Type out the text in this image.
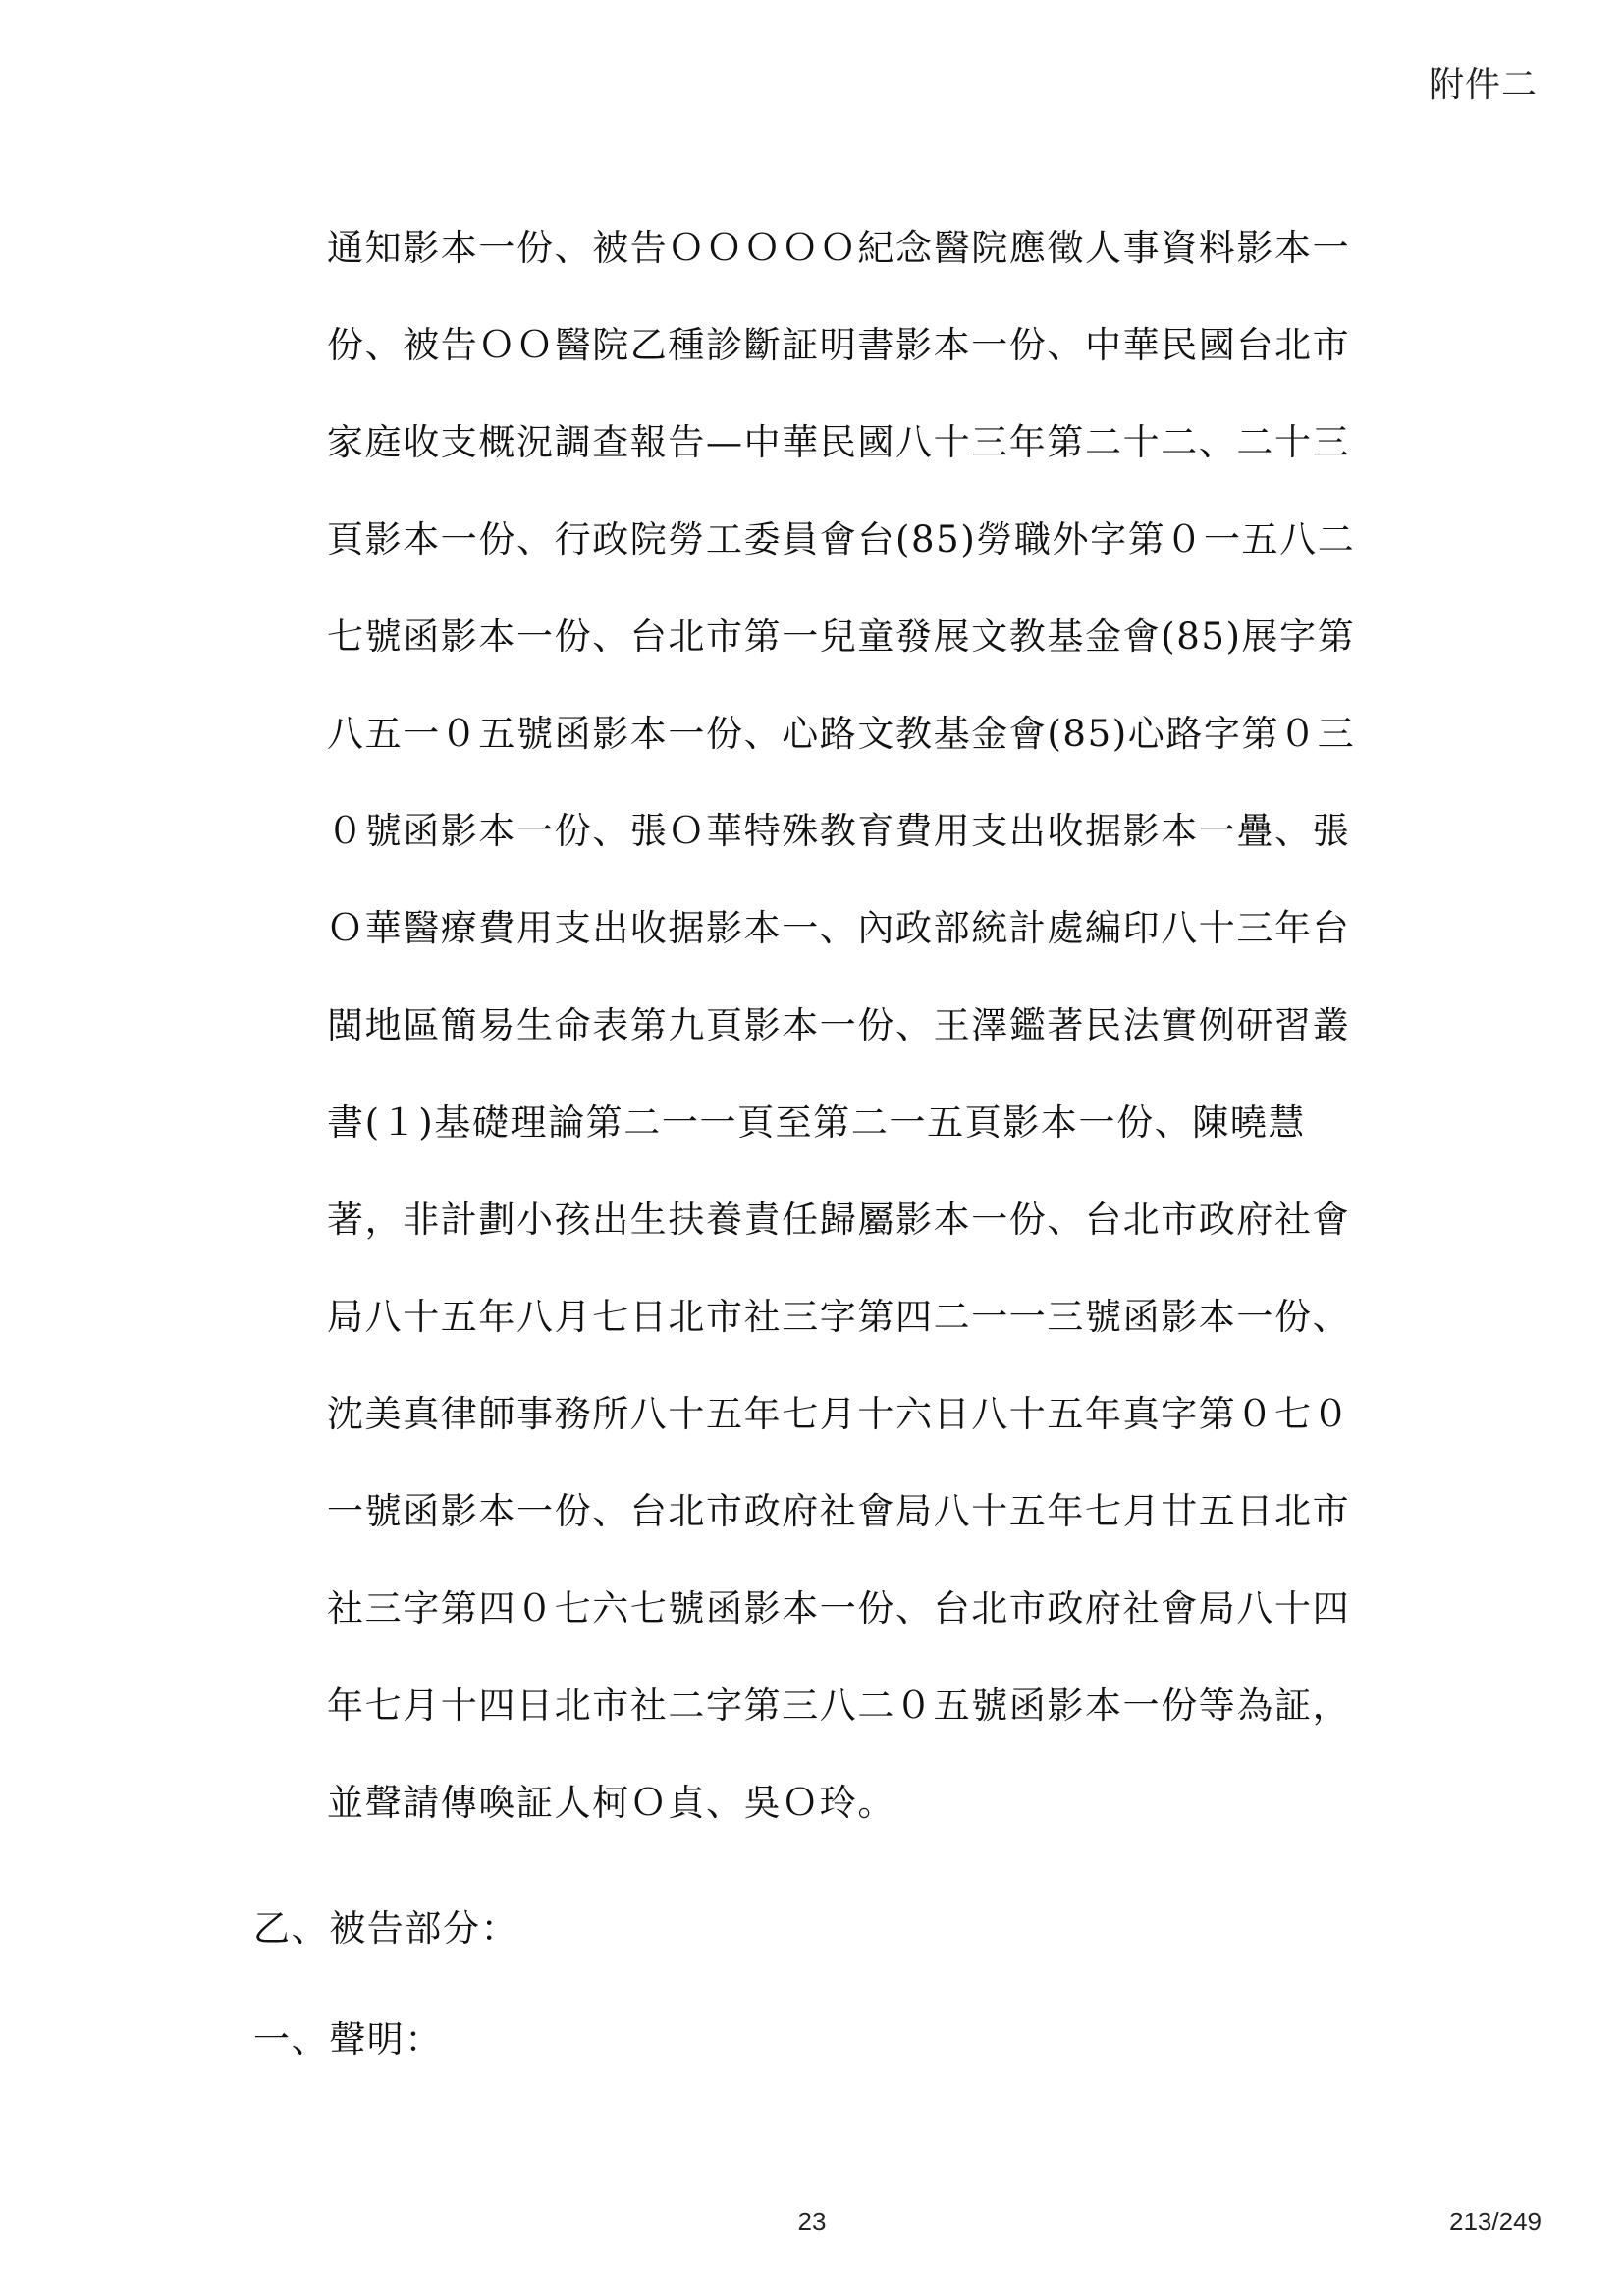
附件二
通知影本一份、被告ＯＯＯＯＯ紀念醫院應徵人事資料影本一
份、被告ＯＯ醫院乙種診斷証明書影本一份、中華民國台北市
家庭收支概況調查報告—中華民國八十三年第二十二、二十三
頁影本一份、行政院勞工委員會台(85)勞職外字第０一五八二
七號函影本一份、台北市第一兒童發展文教基金會(85)展字第
八五一０五號函影本一份、心路文教基金會(85)心路字第０三
０號函影本一份、張Ｏ華特殊教育費用支出收据影本一疊、張
Ｏ華醫療費用支出收据影本一、內政部統計處編印八十三年台
閩地區簡易生命表第九頁影本一份、王澤鑑著民法實例研習叢
書(１)基礎理論第二一一頁至第二一五頁影本一份、陳曉慧
著，非計劃小孩出生扶養責任歸屬影本一份、台北市政府社會
局八十五年八月七日北市社三字第四二一一三號函影本一份、
沈美真律師事務所八十五年七月十六日八十五年真字第０七０
一號函影本一份、台北市政府社會局八十五年七月廿五日北市
社三字第四０七六七號函影本一份、台北市政府社會局八十四
年七月十四日北市社二字第三八二０五號函影本一份等為証，
並聲請傳喚証人柯Ｏ貞、吳Ｏ玲。
乙、被告部分：
一、聲明：
23	213/249
